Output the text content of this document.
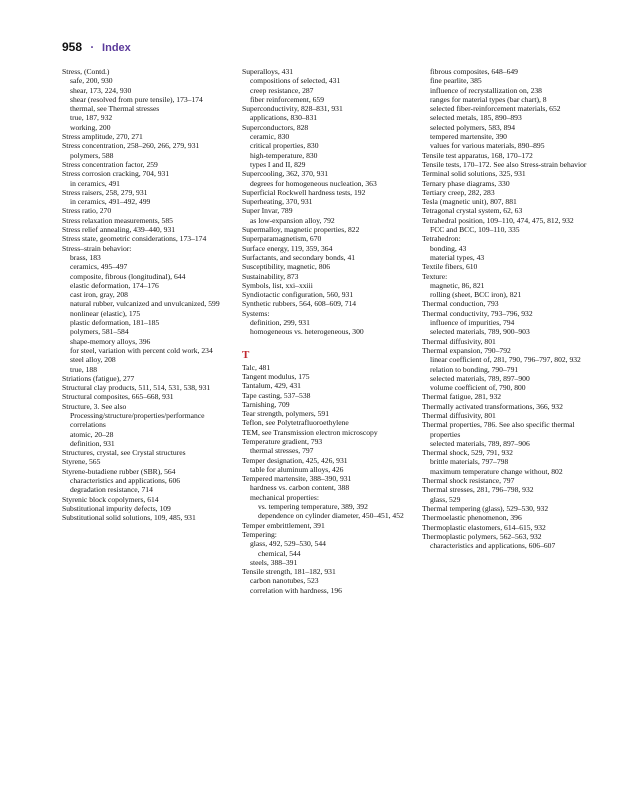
958 · Index
Stress, (Contd.)
safe, 200, 930
shear, 173, 224, 930
shear (resolved from pure tensile), 173–174
thermal, see Thermal stresses
true, 187, 932
working, 200
Stress amplitude, 270, 271
Stress concentration, 258–260, 266, 279, 931
polymers, 588
Stress concentration factor, 259
Stress corrosion cracking, 704, 931
in ceramics, 491
Stress raisers, 258, 279, 931
in ceramics, 491–492, 499
Stress ratio, 270
Stress relaxation measurements, 585
Stress relief annealing, 439–440, 931
Stress state, geometric considerations, 173–174
Stress–strain behavior:
brass, 183
ceramics, 495–497
composite, fibrous (longitudinal), 644
elastic deformation, 174–176
cast iron, gray, 208
natural rubber, vulcanized and unvulcanized, 599
nonlinear (elastic), 175
plastic deformation, 181–185
polymers, 581–584
shape-memory alloys, 396
for steel, variation with percent cold work, 234
steel alloy, 208
true, 188
Striations (fatigue), 277
Structural clay products, 511, 514, 531, 538, 931
Structural composites, 665–668, 931
Structure, 3. See also Processing/structure/properties/performance correlations
atomic, 20–28
definition, 931
Structures, crystal, see Crystal structures
Styrene, 565
Styrene-butadiene rubber (SBR), 564
characteristics and applications, 606
degradation resistance, 714
Styrenic block copolymers, 614
Substitutional impurity defects, 109
Substitutional solid solutions, 109, 485, 931
Superalloys, 431
compositions of selected, 431
creep resistance, 287
fiber reinforcement, 659
Superconductivity, 828–831, 931
applications, 830–831
Superconductors, 828
ceramic, 830
critical properties, 830
high-temperature, 830
types I and II, 829
Supercooling, 362, 370, 931
degrees for homogeneous nucleation, 363
Superficial Rockwell hardness tests, 192
Superheating, 370, 931
Super Invar, 789
as low-expansion alloy, 792
Supermalloy, magnetic properties, 822
Superparamagnetism, 670
Surface energy, 119, 359, 364
Surfactants, and secondary bonds, 41
Susceptibility, magnetic, 806
Sustainability, 873
Symbols, list, xxi–xxiii
Syndiotactic configuration, 560, 931
Synthetic rubbers, 564, 608–609, 714
Systems:
definition, 299, 931
homogeneous vs. heterogeneous, 300
T
Talc, 481
Tangent modulus, 175
Tantalum, 429, 431
Tape casting, 537–538
Tarnishing, 709
Tear strength, polymers, 591
Teflon, see Polytetrafluoroethylene
TEM, see Transmission electron microscopy
Temperature gradient, 793
thermal stresses, 797
Temper designation, 425, 426, 931
table for aluminum alloys, 426
Tempered martensite, 388–390, 931
hardness vs. carbon content, 388
mechanical properties:
vs. tempering temperature, 389, 392
dependence on cylinder diameter, 450–451, 452
Temper embrittlement, 391
Tempering:
glass, 492, 529–530, 544
chemical, 544
steels, 388–391
Tensile strength, 181–182, 931
carbon nanotubes, 523
correlation with hardness, 196
fibrous composites, 648–649
fine pearlite, 385
influence of recrystallization on, 238
ranges for material types (bar chart), 8
selected fiber-reinforcement materials, 652
selected metals, 185, 890–893
selected polymers, 583, 894
tempered martensite, 390
values for various materials, 890–895
Tensile test apparatus, 168, 170–172
Tensile tests, 170–172. See also Stress-strain behavior
Terminal solid solutions, 325, 931
Ternary phase diagrams, 330
Tertiary creep, 282, 283
Tesla (magnetic unit), 807, 881
Tetragonal crystal system, 62, 63
Tetrahedral position, 109–110, 474, 475, 812, 932
FCC and BCC, 109–110, 335
Tetrahedron:
bonding, 43
material types, 43
Textile fibers, 610
Texture:
magnetic, 86, 821
rolling (sheet, BCC iron), 821
Thermal conduction, 793
Thermal conductivity, 793–796, 932
influence of impurities, 794
selected materials, 789, 900–903
Thermal diffusivity, 801
Thermal expansion, 790–792
linear coefficient of, 281, 790, 796–797, 802, 932
relation to bonding, 790–791
selected materials, 789, 897–900
volume coefficient of, 790, 800
Thermal fatigue, 281, 932
Thermally activated transformations, 366, 932
Thermal diffusivity, 801
Thermal properties, 786. See also specific thermal properties
selected materials, 789, 897–906
Thermal shock, 529, 791, 932
brittle materials, 797–798
maximum temperature change without, 802
Thermal shock resistance, 797
Thermal stresses, 281, 796–798, 932
glass, 529
Thermal tempering (glass), 529–530, 932
Thermoelastic phenomenon, 396
Thermoplastic elastomers, 614–615, 932
Thermoplastic polymers, 562–563, 932
characteristics and applications, 606–607
